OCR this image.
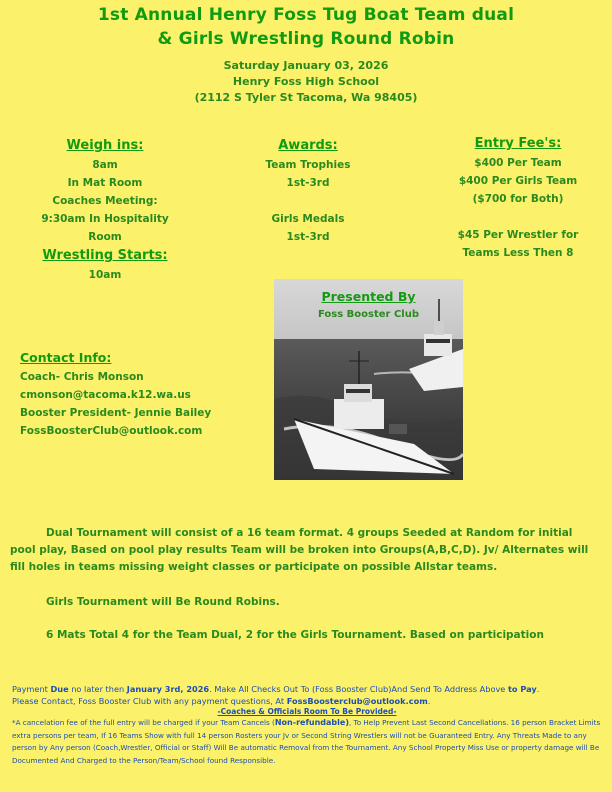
1st Annual Henry Foss Tug Boat Team dual
& Girls Wrestling Round Robin
Saturday January 03, 2026
Henry Foss High School
(2112 S Tyler St Tacoma, Wa 98405)
Weigh ins:
8am
In Mat Room
Coaches Meeting:
9:30am In Hospitality
Room
Wrestling Starts:
10am
Awards:
Team Trophies
1st-3rd
Girls Medals
1st-3rd
Entry Fee's:
$400 Per Team
$400 Per Girls Team
($700 for Both)
$45 Per Wrestler for
Teams Less Then 8
Presented By
Foss Booster Club
Contact Info:
Coach- Chris Monson
cmonson@tacoma.k12.wa.us
Booster President- Jennie Bailey
FossBoosterClub@outlook.com
Dual Tournament will consist of a 16 team format. 4 groups Seeded at Random for initial pool play, Based on pool play results Team will be broken into Groups(A,B,C,D). Jv/ Alternates will fill holes in teams missing weight classes or participate on possible Allstar teams.
Girls Tournament will Be Round Robins.
6 Mats Total 4 for the Team Dual, 2 for the Girls Tournament. Based on participation
Payment Due no later then January 3rd, 2026. Make All Checks Out To (Foss Booster Club)And Send To Address Above to Pay.
Please Contact, Foss Booster Club with any payment questions, At FossBoosterclub@outlook.com.
-Coaches & Officials Room To Be Provided-
*A cancelation fee of the full entry will be charged if your Team Cancels (Non-refundable), To Help Prevent Last Second Cancellations. 16 person Bracket Limits extra persons per team, If 16 Teams Show with full 14 person Rosters your Jv or Second String Wrestlers will not be Guaranteed Entry. Any Threats Made to any person by Any person (Coach,Wrestler, Official or Staff) Will Be automatic Removal from the Tournament. Any School Property Miss Use or property damage will Be Documented And Charged to the Person/Team/School found Responsible.
